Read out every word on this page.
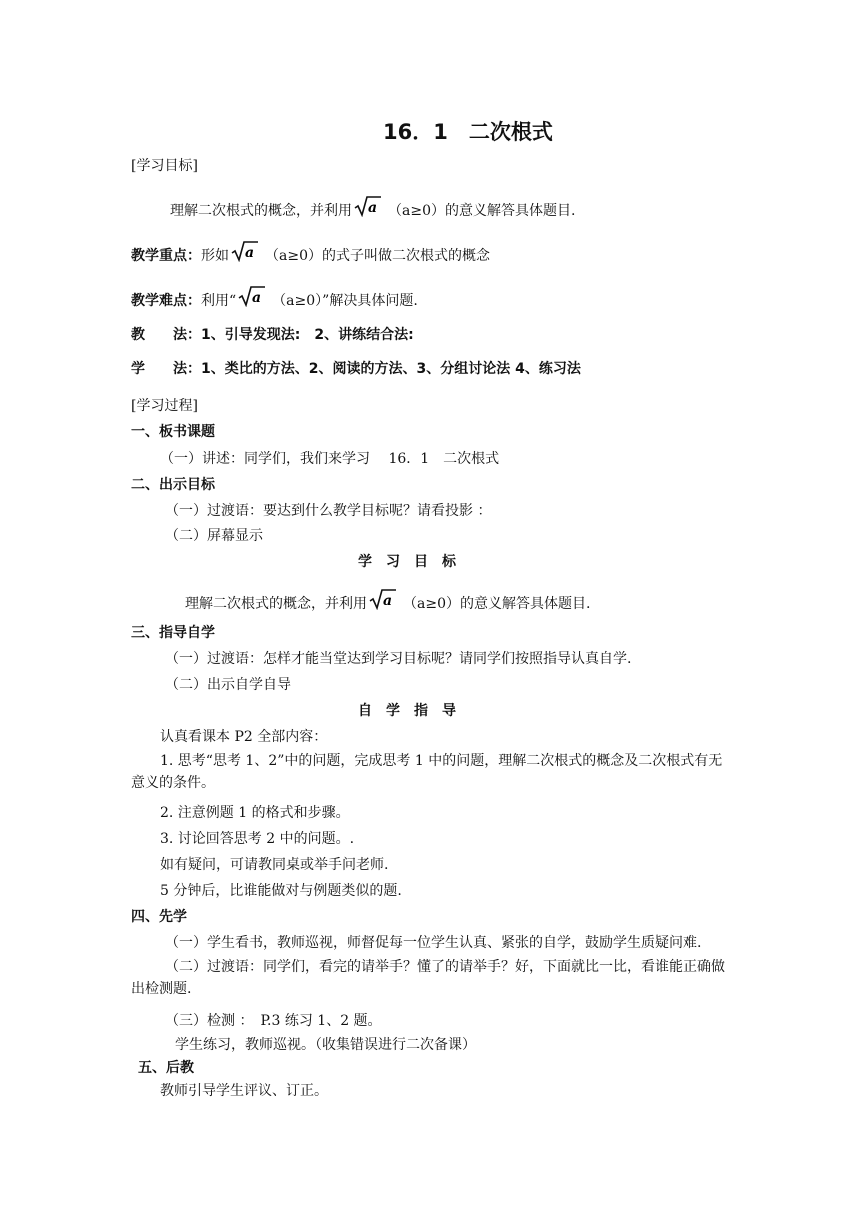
16．1　二次根式
[学习目标]
理解二次根式的概念，并利用 a （a≥0）的意义解答具体题目.
教学重点：形如 a （a≥0）的式子叫做二次根式的概念
教学难点：利用“ a （a≥0）”解决具体问题.
教　　法：1、引导发现法:　2、讲练结合法:
学　　法：1、类比的方法、2、阅读的方法、3、分组讨论法 4、练习法
[学习过程]
一、板书课题
（一）讲述：同学们，我们来学习　 16．1　二次根式
二、出示目标
（一）过渡语：要达到什么教学目标呢？请看投影 ：
（二）屏幕显示
学习目标
理解二次根式的概念，并利用 a （a≥0）的意义解答具体题目.
三、指导自学
（一）过渡语：怎样才能当堂达到学习目标呢？请同学们按照指导认真自学.
（二）出示自学自导
自学指导
认真看课本 P2 全部内容：
1. 思考“思考 1、2”中的问题，完成思考 1 中的问题，理解二次根式的概念及二次根式有无意义的条件。
2. 注意例题 1 的格式和步骤。
3. 讨论回答思考 2 中的问题。.
如有疑问，可请教同桌或举手问老师.
5 分钟后，比谁能做对与例题类似的题.
四、先学
（一）学生看书，教师巡视，师督促每一位学生认真、紧张的自学，鼓励学生质疑问难.
（二）过渡语：同学们，看完的请举手？懂了的请举手？好，下面就比一比，看谁能正确做出检测题.
（三）检测 ：　P.3 练习 1、2 题。
学生练习，教师巡视。（收集错误进行二次备课）
五、后教
教师引导学生评议、订正。
